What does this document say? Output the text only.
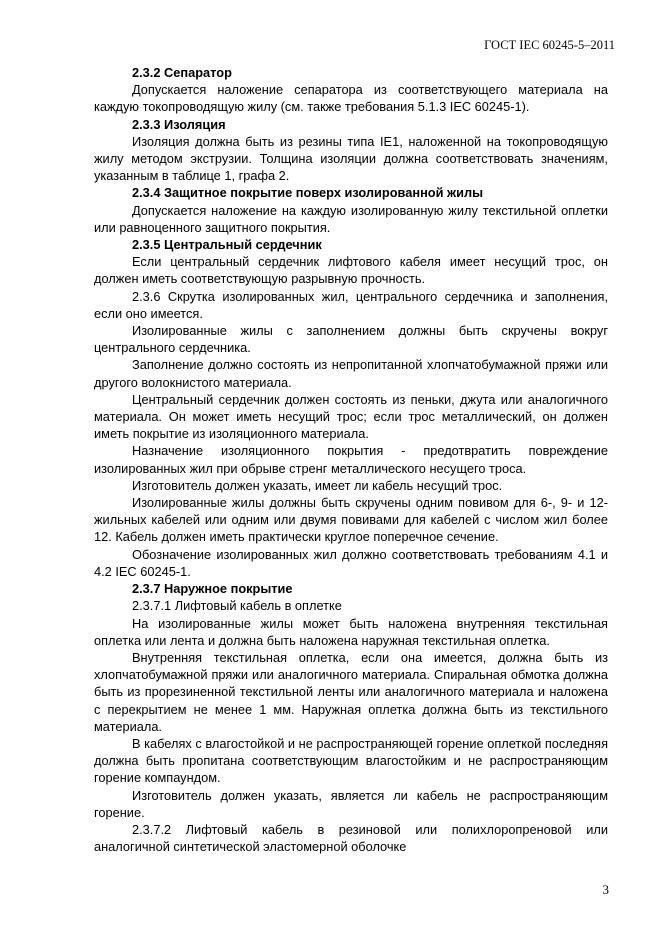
ГОСТ IEC 60245-5–2011

2.3.2 Сепаратор

Допускается наложение сепаратора из соответствующего материала на каждую токопроводящую жилу (см. также требования 5.1.3 IEC 60245-1).

2.3.3 Изоляция

Изоляция должна быть из резины типа IE1, наложенной на токопроводящую жилу методом экструзии. Толщина изоляции должна соответствовать значениям, указанным в таблице 1, графа 2.

2.3.4 Защитное покрытие поверх изолированной жилы

Допускается наложение на каждую изолированную жилу текстильной оплетки или равноценного защитного покрытия.

2.3.5 Центральный сердечник

Если центральный сердечник лифтового кабеля имеет несущий трос, он должен иметь соответствующую разрывную прочность.

2.3.6 Скрутка изолированных жил, центрального сердечника и заполнения, если оно имеется.

Изолированные жилы с заполнением должны быть скручены вокруг центрального сердечника.

Заполнение должно состоять из непропитанной хлопчатобумажной пряжи или другого волокнистого материала.

Центральный сердечник должен состоять из пеньки, джута или аналогичного материала. Он может иметь несущий трос; если трос металлический, он должен иметь покрытие из изоляционного материала.

Назначение изоляционного покрытия - предотвратить повреждение изолированных жил при обрыве стренг металлического несущего троса.

Изготовитель должен указать, имеет ли кабель несущий трос.

Изолированные жилы должны быть скручены одним повивом для 6-, 9- и 12-жильных кабелей или одним или двумя повивами для кабелей с числом жил более 12. Кабель должен иметь практически круглое поперечное сечение.

Обозначение изолированных жил должно соответствовать требованиям 4.1 и 4.2 IEC 60245-1.

2.3.7 Наружное покрытие

2.3.7.1 Лифтовый кабель в оплетке

На изолированные жилы может быть наложена внутренняя текстильная оплетка или лента и должна быть наложена наружная текстильная оплетка.

Внутренняя текстильная оплетка, если она имеется, должна быть из хлопчатобумажной пряжи или аналогичного материала. Спиральная обмотка должна быть из прорезиненной текстильной ленты или аналогичного материала и наложена с перекрытием не менее 1 мм. Наружная оплетка должна быть из текстильного материала.

В кабелях с влагостойкой и не распространяющей горение оплеткой последняя должна быть пропитана соответствующим влагостойким и не распространяющим горение компаундом.

Изготовитель должен указать, является ли кабель не распространяющим горение.

2.3.7.2 Лифтовый кабель в резиновой или полихлоропреновой или аналогичной синтетической эластомерной оболочке

3
